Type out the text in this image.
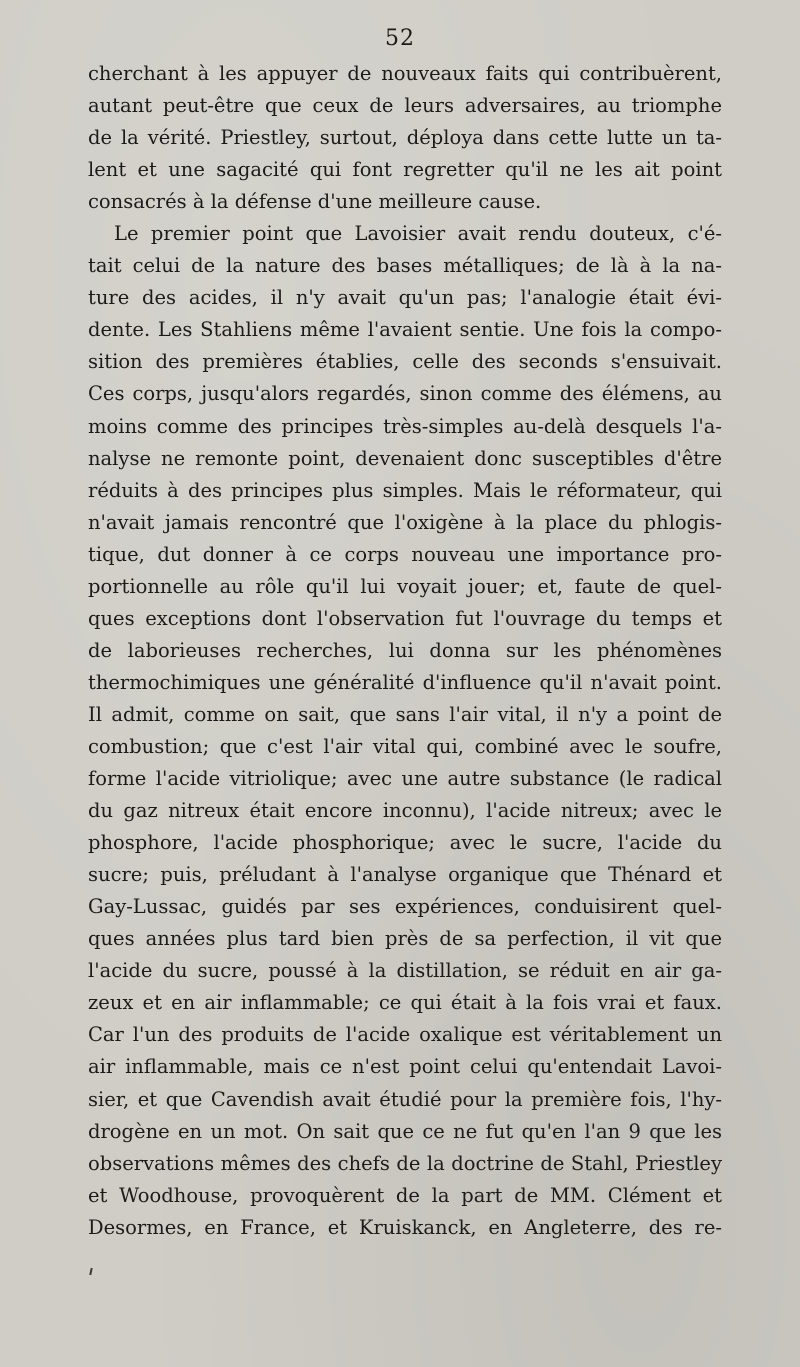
52
cherchant à les appuyer de nouveaux faits qui contribuèrent,
autant peut-être que ceux de leurs adversaires, au triomphe
de la vérité. Priestley, surtout, déploya dans cette lutte un ta-
lent et une sagacité qui font regretter qu'il ne les ait point
consacrés à la défense d'une meilleure cause.
Le premier point que Lavoisier avait rendu douteux, c'é-
tait celui de la nature des bases métalliques; de là à la na-
ture des acides, il n'y avait qu'un pas; l'analogie était évi-
dente. Les Stahliens même l'avaient sentie. Une fois la compo-
sition des premières établies, celle des seconds s'ensuivait.
Ces corps, jusqu'alors regardés, sinon comme des élémens, au
moins comme des principes très-simples au-delà desquels l'a-
nalyse ne remonte point, devenaient donc susceptibles d'être
réduits à des principes plus simples. Mais le réformateur, qui
n'avait jamais rencontré que l'oxigène à la place du phlogis-
tique, dut donner à ce corps nouveau une importance pro-
portionnelle au rôle qu'il lui voyait jouer; et, faute de quel-
ques exceptions dont l'observation fut l'ouvrage du temps et
de laborieuses recherches, lui donna sur les phénomènes
thermochimiques une généralité d'influence qu'il n'avait point.
Il admit, comme on sait, que sans l'air vital, il n'y a point de
combustion; que c'est l'air vital qui, combiné avec le soufre,
forme l'acide vitriolique; avec une autre substance (le radical
du gaz nitreux était encore inconnu), l'acide nitreux; avec le
phosphore, l'acide phosphorique; avec le sucre, l'acide du
sucre; puis, préludant à l'analyse organique que Thénard et
Gay-Lussac, guidés par ses expériences, conduisirent quel-
ques années plus tard bien près de sa perfection, il vit que
l'acide du sucre, poussé à la distillation, se réduit en air ga-
zeux et en air inflammable; ce qui était à la fois vrai et faux.
Car l'un des produits de l'acide oxalique est véritablement un
air inflammable, mais ce n'est point celui qu'entendait Lavoi-
sier, et que Cavendish avait étudié pour la première fois, l'hy-
drogène en un mot. On sait que ce ne fut qu'en l'an 9 que les
observations mêmes des chefs de la doctrine de Stahl, Priestley
et Woodhouse, provoquèrent de la part de MM. Clément et
Desormes, en France, et Kruiskanck, en Angleterre, des re-
